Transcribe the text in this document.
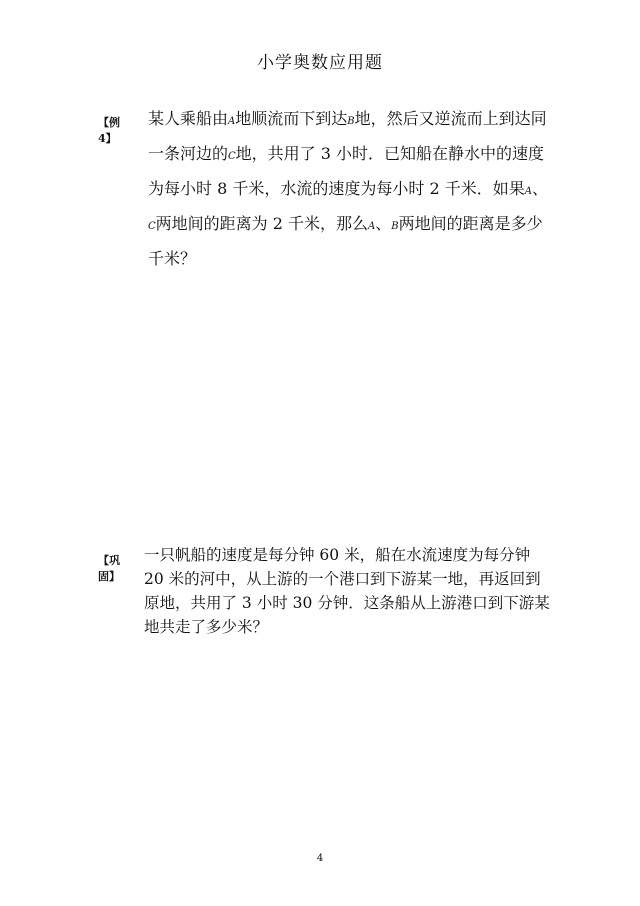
小学奥数应用题
【例 4】

某人乘船由A地顺流而下到达B地，然后又逆流而上到达同一条河边的C地，共用了 3 小时．已知船在静水中的速度为每小时 8 千米，水流的速度为每小时 2 千米．如果A、C两地间的距离为 2 千米，那么A、B两地间的距离是多少千米？

【巩固】

一只帆船的速度是每分钟 60 米，船在水流速度为每分钟 20 米的河中，从上游的一个港口到下游某一地，再返回到原地，共用了 3 小时 30 分钟．这条船从上游港口到下游某地共走了多少米？

4
